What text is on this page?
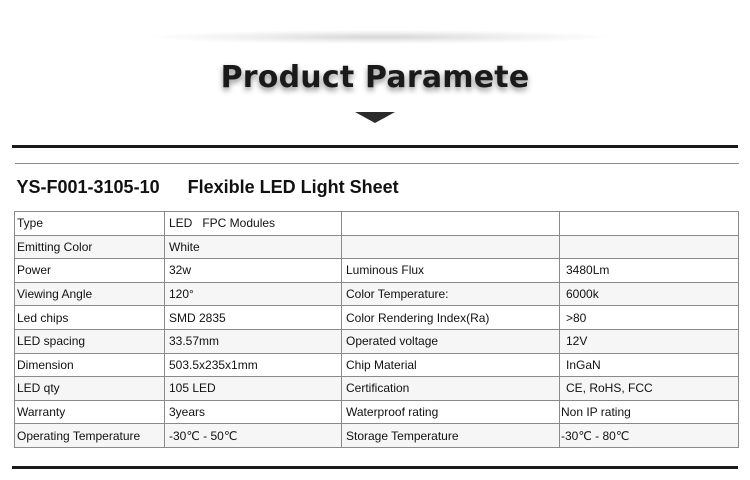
Product Paramete
YS-F001-3105-10 Flexible LED Light Sheet			
Type	LED   FPC Modules		
Emitting Color	White		
Power	32w	Luminous Flux	3480Lm
Viewing Angle	120°	Color Temperature:	6000k
Led chips	SMD 2835	Color Rendering Index(Ra)	>80
LED spacing	33.57mm	Operated voltage	12V
Dimension	503.5x235x1mm	Chip Material	InGaN
LED qty	105 LED	Certification	CE, RoHS, FCC
Warranty	3years	Waterproof rating	Non IP rating
Operating Temperature	-30℃ - 50℃	Storage Temperature	-30℃ - 80℃
